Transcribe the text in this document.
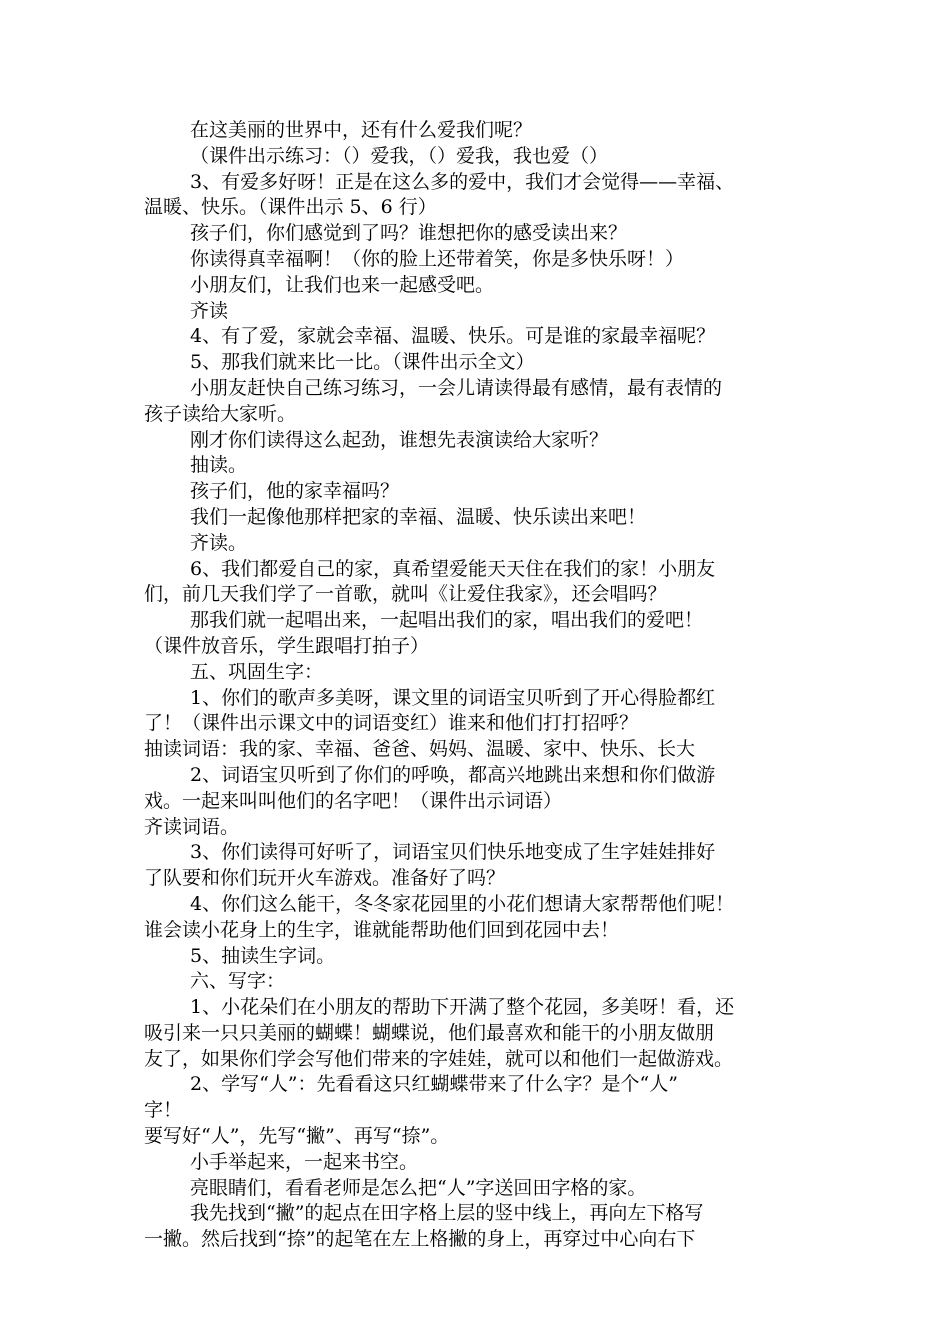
在这美丽的世界中，还有什么爱我们呢？
（课件出示练习：（）爱我，（）爱我，我也爱（）
3、有爱多好呀！正是在这么多的爱中，我们才会觉得——幸福、
温暖、快乐。（课件出示 5、6 行）
孩子们，你们感觉到了吗？谁想把你的感受读出来？
你读得真幸福啊！（你的脸上还带着笑，你是多快乐呀！）
小朋友们，让我们也来一起感受吧。
齐读
4、有了爱，家就会幸福、温暖、快乐。可是谁的家最幸福呢？
5、那我们就来比一比。（课件出示全文）
小朋友赶快自己练习练习，一会儿请读得最有感情，最有表情的
孩子读给大家听。
刚才你们读得这么起劲，谁想先表演读给大家听？
抽读。
孩子们，他的家幸福吗？
我们一起像他那样把家的幸福、温暖、快乐读出来吧！
齐读。
6、我们都爱自己的家，真希望爱能天天住在我们的家！小朋友
们，前几天我们学了一首歌，就叫《让爱住我家》，还会唱吗？
那我们就一起唱出来，一起唱出我们的家，唱出我们的爱吧！
（课件放音乐，学生跟唱打拍子）
五、巩固生字：
1、你们的歌声多美呀，课文里的词语宝贝听到了开心得脸都红
了！（课件出示课文中的词语变红）谁来和他们打打招呼？
抽读词语：我的家、幸福、爸爸、妈妈、温暖、家中、快乐、长大
2、词语宝贝听到了你们的呼唤，都高兴地跳出来想和你们做游
戏。一起来叫叫他们的名字吧！（课件出示词语）
齐读词语。
3、你们读得可好听了，词语宝贝们快乐地变成了生字娃娃排好
了队要和你们玩开火车游戏。准备好了吗？
4、你们这么能干，冬冬家花园里的小花们想请大家帮帮他们呢！
谁会读小花身上的生字，谁就能帮助他们回到花园中去！
5、抽读生字词。
六、写字：
1、小花朵们在小朋友的帮助下开满了整个花园，多美呀！看，还
吸引来一只只美丽的蝴蝶！蝴蝶说，他们最喜欢和能干的小朋友做朋
友了，如果你们学会写他们带来的字娃娃，就可以和他们一起做游戏。
2、学写“人”：先看看这只红蝴蝶带来了什么字？是个“人”
字！
要写好“人”，先写“撇”、再写“捺”。
小手举起来，一起来书空。
亮眼睛们，看看老师是怎么把“人”字送回田字格的家。
我先找到“撇”的起点在田字格上层的竖中线上，再向左下格写
一撇。然后找到“捺”的起笔在左上格撇的身上，再穿过中心向右下
